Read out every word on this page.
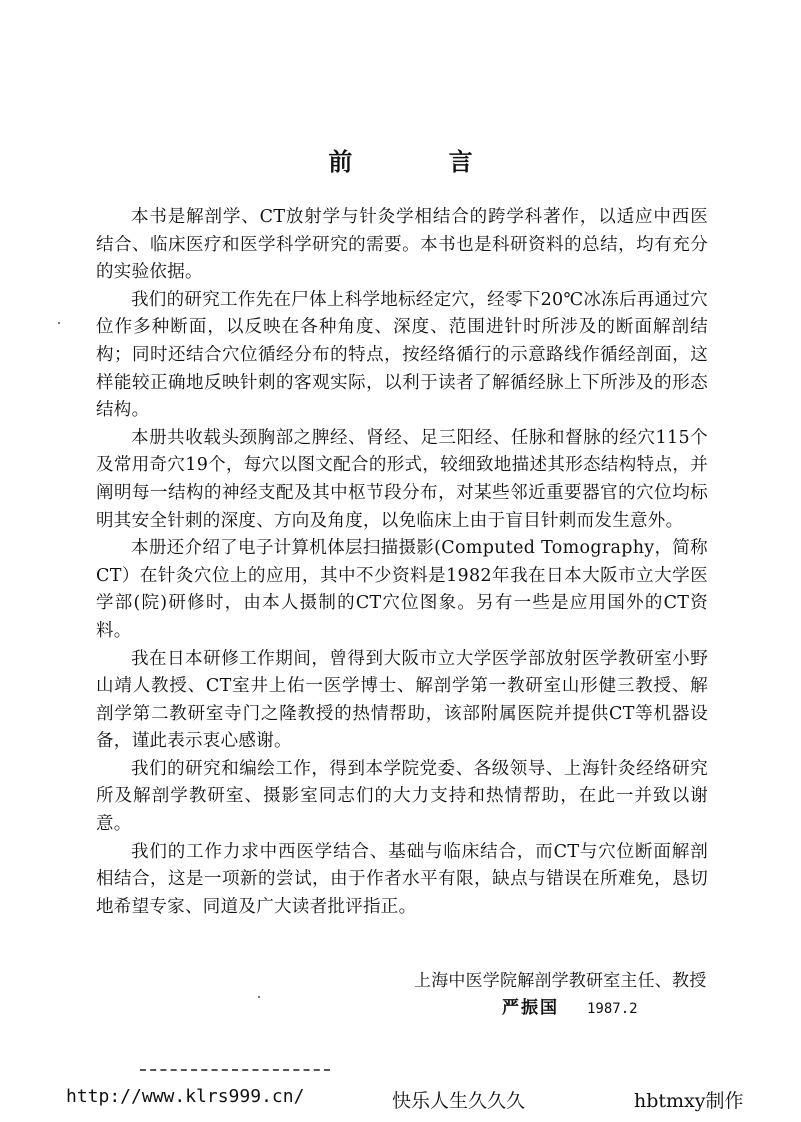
前 言

本书是解剖学、CT放射学与针灸学相结合的跨学科著作，以适应中西医结合、临床医疗和医学科学研究的需要。本书也是科研资料的总结，均有充分的实验依据。

我们的研究工作先在尸体上科学地标经定穴，经零下20℃冰冻后再通过穴位作多种断面，以反映在各种角度、深度、范围进针时所涉及的断面解剖结构；同时还结合穴位循经分布的特点，按经络循行的示意路线作循经剖面，这样能较正确地反映针刺的客观实际，以利于读者了解循经脉上下所涉及的形态结构。

本册共收载头颈胸部之脾经、肾经、足三阳经、任脉和督脉的经穴115个及常用奇穴19个，每穴以图文配合的形式，较细致地描述其形态结构特点，并阐明每一结构的神经支配及其中枢节段分布，对某些邻近重要器官的穴位均标明其安全针刺的深度、方向及角度，以免临床上由于盲目针刺而发生意外。

本册还介绍了电子计算机体层扫描摄影(Computed Tomography，简称CT）在针灸穴位上的应用，其中不少资料是1982年我在日本大阪市立大学医学部(院)研修时，由本人摄制的CT穴位图象。另有一些是应用国外的CT资料。

我在日本研修工作期间，曾得到大阪市立大学医学部放射医学教研室小野山靖人教授、CT室井上佑一医学博士、解剖学第一教研室山形健三教授、解剖学第二教研室寺门之隆教授的热情帮助，该部附属医院并提供CT等机器设备，谨此表示衷心感谢。

我们的研究和编绘工作，得到本学院党委、各级领导、上海针灸经络研究所及解剖学教研室、摄影室同志们的大力支持和热情帮助，在此一并致以谢意。

我们的工作力求中西医学结合、基础与临床结合，而CT与穴位断面解剖相结合，这是一项新的尝试，由于作者水平有限，缺点与错误在所难免，恳切地希望专家、同道及广大读者批评指正。

上海中医学院解剖学教研室主任、教授
严振国 1987.2
http://www.klrs999.cn/	快乐人生久久久	hbtmxy制作
